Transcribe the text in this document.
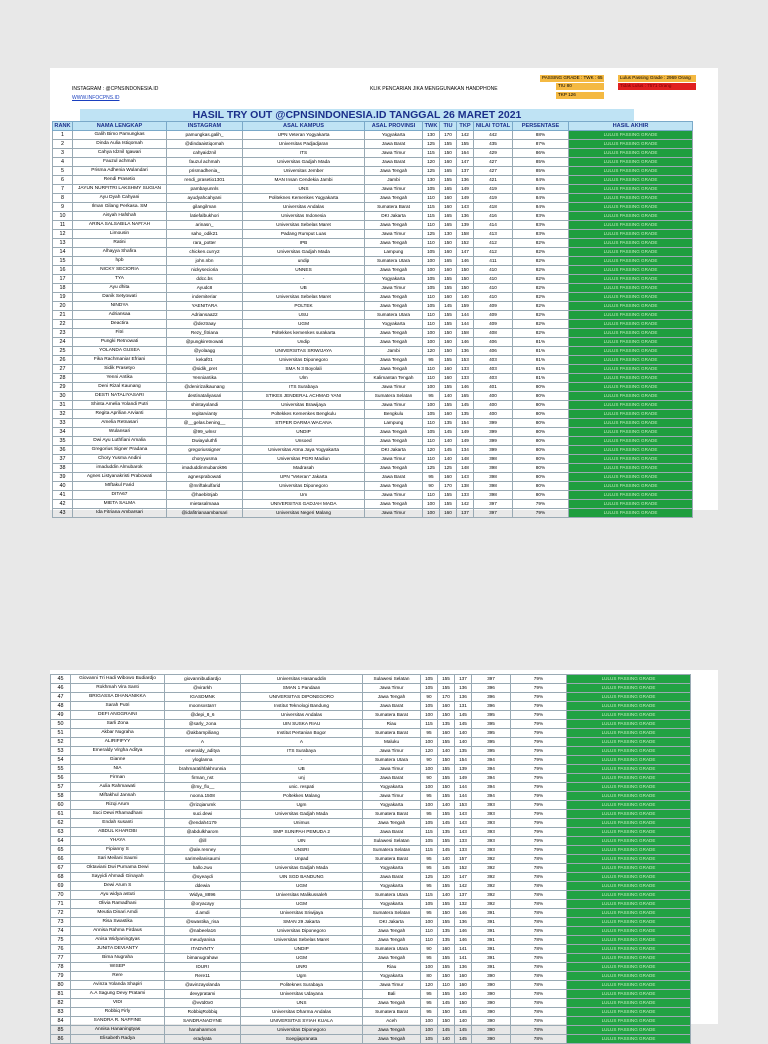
INSTAGRAM : @CPNSINDONESIA.ID
WWW.INFOCPNS.ID
KLIK PENCARIAN JIKA MENGGUNAKAN HANDPHONE
PASSING GRADE : TWK : 65
TIU 80
TKP 126
Lulus Passing Grade : 2969 Orang
Tidak Lulus : 7571 Orang
HASIL TRY OUT @CPNSINDONESIA.ID TANGGAL 26 MARET 2021
RANK	NAMA LENGKAP	INSTAGRAM	ASAL KAMPUS	ASAL PROVINSI	TWK	TIU	TKP	NILAI TOTAL	PERSENTASE	HASIL AKHIR
1	Galih Bimo Pamungkas	pamungkas.galih_	UPN Veteran Yogyakarta	Yogyakarta	130	170	142	442	88%	LULUS PASSING GRADE
2	Dinda Aulia Istiqomah	@dindaaistiqomah	Universitas Padjadjaran	Jawa Barat	125	155	155	435	87%	LULUS PASSING GRADE
3	Cahya Idznil Igawari	cahyaidznil	ITS	Jawa Timur	115	150	164	429	86%	LULUS PASSING GRADE
4	Fauzul achmah	fauzul achmah	Universitas Gadjah Mada	Jawa Barat	120	160	147	427	85%	LULUS PASSING GRADE
5	Prisma Adhenia Wulandari	prismadhenia_	Universitas Jember	Jawa Tengah	125	165	137	427	85%	LULUS PASSING GRADE
6	Rendi Prasetio	rendi_prasetio1301	MAN Insan Cendekia Jambi	Jambi	130	155	136	421	84%	LULUS PASSING GRADE
7	JAYUN NURFITRI LAKSHMY SUGIAN	pambayunnls	UNS	Jawa Timur	105	165	149	419	84%	LULUS PASSING GRADE
8	Ayu Dyah Cahyani	ayudyahcahyani	Politeknes Kemenkes Yogyakarta	Jawa Tengah	110	160	149	419	84%	LULUS PASSING GRADE
9	Ilman Gilang Perkasa. SM	gilangilman	Universitas Andalas	Sumatera Barat	115	160	143	418	84%	LULUS PASSING GRADE
10	Aisyah Hafshah	latiefalbukhori	Universitas Indonesia	DKI Jakarta	115	165	136	416	83%	LULUS PASSING GRADE
11	ARINA SALSABILA NAFI'AH	arinasn_	Universitas Sebelas Maret	Jawa Tengah	110	165	139	414	83%	LULUS PASSING GRADE
12	Limousin	saho_odik21	Padang Rumput Luas	Jawa Timur	125	130	158	413	83%	LULUS PASSING GRADE
13	Ratini	rara_potter	IPB	Jawa Tengah	110	150	152	412	82%	LULUS PASSING GRADE
14	Alhayya Shafira	chicken.curry2	Universitas Gadjah Mada	Lampung	105	160	147	412	82%	LULUS PASSING GRADE
15	hpb	john.nbn	undip	Sumatera Utara	100	165	146	411	82%	LULUS PASSING GRADE
16	NICKY SECIORIA	nickysecioria	UNNES	Jawa Tengah	100	160	150	410	82%	LULUS PASSING GRADE
17	TYA	ddcc.bs	-	Yogyakarta	105	155	150	410	82%	LULUS PASSING GRADE
18	Ayu dhita	Ayudc8	UB	Jawa Timur	105	155	150	410	82%	LULUS PASSING GRADE
19	Danik Setyowati	indemiteriar	Universitas Sebelas Maret	Jawa Tengah	110	160	140	410	82%	LULUS PASSING GRADE
20	NINDYA	YAENITARA	POLTEK	Jawa Tengah	105	145	159	409	82%	LULUS PASSING GRADE
21	Adriansaa	Adriansaa22	USU	Sumatera Utara	110	155	144	409	82%	LULUS PASSING GRADE
22	Deactira	@deztraay	UGM	Yogyakarta	110	155	144	409	82%	LULUS PASSING GRADE
23	Fitri	Rezy_fitriana	Poltekkes kemenkes surakarta	Jawa Tengah	100	150	158	408	82%	LULUS PASSING GRADE
24	Pungki Retnowati	@pungkiretnowati	Undip	Jawa Tengah	100	160	146	406	81%	LULUS PASSING GRADE
25	YOLANDA GUSEA	@yolaagg	UNIVERSITAS SRIWIJAYA	Jambi	120	150	136	406	81%	LULUS PASSING GRADE
26	Fika Rachmaniar Efriani	kekaf01	Universitas Diponegoro	Jawa Tengah	95	155	153	403	81%	LULUS PASSING GRADE
27	Sidik Prasetyo	@sidik_pret	SMA N 3 Boyolali	Jawa Tengah	110	160	133	403	81%	LULUS PASSING GRADE
28	Yenni Antika	Yenniantika	Ulm	Kalimantan Tengah	110	160	133	403	81%	LULUS PASSING GRADE
29	Deni Rizal Kaunang	@denirizalkaunang	ITS Surabaya	Jawa Timur	100	155	146	401	80%	LULUS PASSING GRADE
30	DESTI NATALIYASARI	destinataliyasari	STIKES JENDERAL ACHMAD YANI	Sumatera Selatan	95	140	165	400	80%	LULUS PASSING GRADE
31	Shinta Amelia Yolandi Putri	shintayolandi	Universitas Brawijaya	Jawa Timur	100	155	145	400	80%	LULUS PASSING GRADE
32	Regita Aprilian Arvianti	regitarvianty	Poltekkes Kemenkes Bengkulu	Bengkulu	105	160	135	400	80%	LULUS PASSING GRADE
33	Amelia Retnasari	@__gelas.bening__	STIPER DARMA WACANA	Lampung	110	135	154	399	80%	LULUS PASSING GRADE
34	Wulansari	@99_wlnsr	UNDIP	Jawa Tengah	105	145	149	399	80%	LULUS PASSING GRADE
35	Dwi Ayu Luthfiani Amalia	Dwiayuluthfi	Unsoed	Jawa Tengah	110	140	149	399	80%	LULUS PASSING GRADE
36	Gregorius Signer Pradana	gregoriussigner	Universitas Atma Jaya Yogyakarta	DKI Jakarta	120	145	134	399	80%	LULUS PASSING GRADE
37	Chory Yusma Andini	choryyusma	Universitas PGRI Madiun	Jawa Timur	110	140	148	398	80%	LULUS PASSING GRADE
38	imaduddin Almubarok	imaduddinmubarok96	Madrasah	Jawa Tengah	125	125	148	398	80%	LULUS PASSING GRADE
39	Agnes Listyanakristi Prabowati	agnesprabowati	UPN "Veteran" Jakarta	Jawa Barat	95	160	143	398	80%	LULUS PASSING GRADE
40	MIftakul Farid	@mriftakulfarid	Universitas Diponegoro	Jawa Tengah	90	170	138	398	80%	LULUS PASSING GRADE
41	DITA67	@haebitnjab	Um	Jawa Timur	110	155	133	398	80%	LULUS PASSING GRADE
42	MIETA SALMA	mietasalmaaa	UNIVERSITAS GADJAH MADA	Jawa Tengah	100	155	142	397	79%	LULUS PASSING GRADE
43	Ida Fitriana Ambarsari	@idafitrianaambarsari	Universitas Negeri Malang	Jawa Timur	100	160	137	397	79%	LULUS PASSING GRADE
45	Giovanni Tri Hadi Wibowo Budiardjo	giovannibudiardjo	Universitas Hasanuddin	Sulawesi Selatan	105	155	137	397	79%	LULUS PASSING GRADE
46	Rokhmah Vira Santi	@virarkh	SMAN 1 Pandaan	Jawa Timur	105	155	136	396	79%	LULUS PASSING GRADE
47	BRIGASSA DHANANIKKA	IGASDMNK	UNIVERSITAS DIPONEGORO	Jawa Tengah	90	170	136	396	79%	LULUS PASSING GRADE
48	Sarah Putri	moonsxstarrr	Institut Teknologi Bandung	Jawa Barat	105	160	131	396	79%	LULUS PASSING GRADE
49	DEFI ANGGRAINI	@depi_8_6	Universitas Andalas	Sumatera Barat	100	150	145	395	79%	LULUS PASSING GRADE
50	Sarli Zona	@sarly_zona	UIN SUSKA RIAU	Riau	115	135	145	395	79%	LULUS PASSING GRADE
51	Akbar Nugraha	@akbarnpiliang	Institut Pertanian Bogor	Sumatera Barat	95	160	140	395	79%	LULUS PASSING GRADE
52	ALIRIFIFYY	A	A	Maluku	100	155	140	395	79%	LULUS PASSING GRADE
53	Emeraldy Virgha Aditya	emeraldy_aditya	ITS Surabaya	Jawa Timur	120	140	135	395	79%	LULUS PASSING GRADE
54	Gianne	yloglanna	-	Sumatera Utara	90	150	154	394	79%	LULUS PASSING GRADE
55	NIA	brahmaratihfakhrunnia	UB	Jawa Timur	100	155	139	394	79%	LULUS PASSING GRADE
56	Firman	firman_nst	unj	Jawa Barat	90	155	149	394	79%	LULUS PASSING GRADE
57	Aulia Rahmawati	@my_flo__	unic. respati	Yogyakarta	100	150	144	394	79%	LULUS PASSING GRADE
58	Miftakhul Jannah	noona.1508	Poltekkes Malang	Jawa Timur	95	155	144	394	79%	LULUS PASSING GRADE
60	Rizqi Arum	@rizqiarumk	Ugm	Yogyakarta	100	140	153	393	79%	LULUS PASSING GRADE
61	Suci Dewi Rhamadhani	suci.dewi	Universitas Gadjah Mada	Sumatera Barat	95	155	143	393	79%	LULUS PASSING GRADE
62	Endah susanti	@endah4179	Unimus	Jawa Tengah	105	145	143	393	79%	LULUS PASSING GRADE
63	ABDUL KHAROBI	@abdulkharom	SMP SUNIPAH PEMUDA 2	Jawa Barat	115	135	143	393	79%	LULUS PASSING GRADE
64	YHAYA	@ill	UIN	Sulawesi Selatan	105	155	133	393	79%	LULUS PASSING GRADE
65	Fipianny S	@ale.renney	UNSRI	Sumatera Selatan	115	145	133	393	79%	LULUS PASSING GRADE
66	Sari Meilani Saumi	sarimeilanisaumi	Unpad	Sumatera Barat	95	140	157	392	78%	LULUS PASSING GRADE
67	Oktaviani Dwi Purnama Dewi	hallo.zwo	Universitas Gadjah Mada	Yogyakarta	95	145	152	392	78%	LULUS PASSING GRADE
68	Sayyidi Ahmadi Ginayah	@syeaydi	UIN SGD BANDUNG	Jawa Barat	125	120	147	392	78%	LULUS PASSING GRADE
69	Dewi Arum S	ddewia	UGM	Yogyakarta	95	155	142	392	78%	LULUS PASSING GRADE
70	Ayu widya astuti	Widya_8896	Universitas Malikussaleh	Sumatera Utara	115	140	137	392	78%	LULUS PASSING GRADE
71	Olivia Ramadhani	@oryacayy	UGM	Yogyakarta	105	155	132	392	78%	LULUS PASSING GRADE
72	Meutia Dinari Amdi	d.amdi	Universitas Sriwijaya	Sumatera Selatan	95	150	146	391	78%	LULUS PASSING GRADE
73	Risa Swastika	@swastika_risa	SMAN 29 Jakarta	DKI Jakarta	100	155	136	391	78%	LULUS PASSING GRADE
74	Annisa Rahma Firdaus	@nabeela16	Universitas Diponegoro	Jawa Tengah	110	135	146	391	78%	LULUS PASSING GRADE
75	Anisa Widyaningtyas	meudyanisa	Universitas Sebelas Maret	Jawa Tengah	110	135	146	391	78%	LULUS PASSING GRADE
76	JUNITA DEVIANTY	ITADVNTY	UNDIP	Sumatera Utara	90	160	141	391	78%	LULUS PASSING GRADE
77	Bima Nugraha	bimanugrahaw	UGM	Jawa Tengah	95	155	141	391	78%	LULUS PASSING GRADE
78	WISEP	IDURI	UNRI	Riau	100	155	136	391	78%	LULUS PASSING GRADE
79	Rere	Rere11	Ugm	Yogyakarta	80	150	160	390	78%	LULUS PASSING GRADE
80	Avinza Yolanda Shapiri	@avinzayolanda	Politeknes Surabaya	Jawa Timur	120	110	160	390	78%	LULUS PASSING GRADE
81	A.A Sagung Devy Pratami	devypratami	Universitas Udayana	Bali	95	155	140	390	78%	LULUS PASSING GRADE
82	VIDI	@vvtd0x0	UNS	Jawa Tengah	95	145	150	390	78%	LULUS PASSING GRADE
83	Robbiq Firly	RobbiqRobbiq	Universitas Dharma Andalas	Sumatera Barat	95	150	145	390	78%	LULUS PASSING GRADE
84	SANDRA R. NAFFINE	SANDRANADYNE	UNIVERSITAS SYIAH KUALA	Aceh	100	150	140	390	78%	LULUS PASSING GRADE
85	Annisa Hananingtyas	hanahanmon	Universitas Diponegoro	Jawa Tengah	100	145	145	390	78%	LULUS PASSING GRADE
86	Elisabeth Radya	eradyata	Soegijapranata	Jawa Tengah	105	140	145	390	78%	LULUS PASSING GRADE
